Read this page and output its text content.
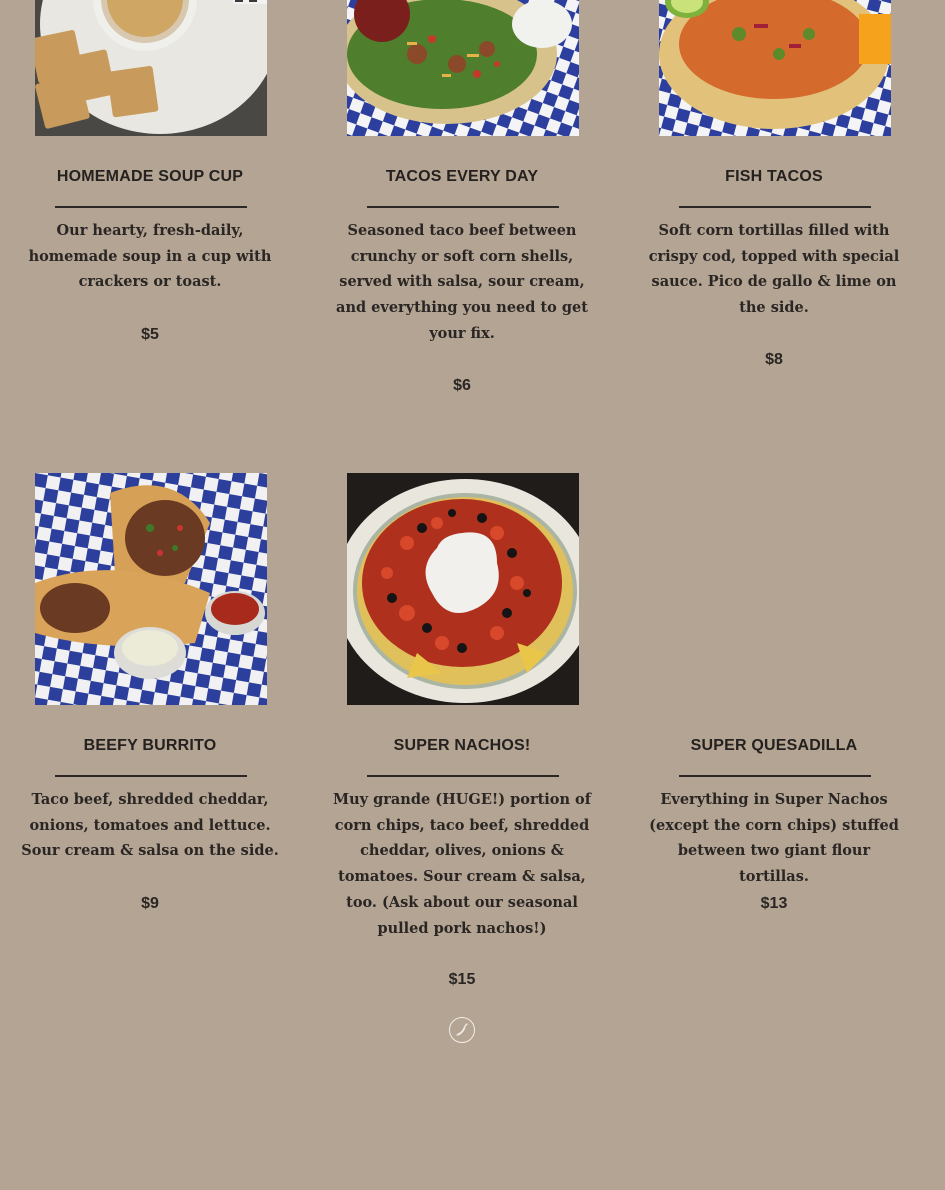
HOMEMADE SOUP CUP
Our hearty, fresh-daily, homemade soup in a cup with crackers or toast.
$5
TACOS EVERY DAY
Seasoned taco beef between crunchy or soft corn shells, served with salsa, sour cream, and everything you need to get your fix.
$6
FISH TACOS
Soft corn tortillas filled with crispy cod, topped with special sauce. Pico de gallo & lime on the side.
$8
BEEFY BURRITO
Taco beef, shredded cheddar, onions, tomatoes and lettuce. Sour cream & salsa on the side.
$9
SUPER NACHOS!
Muy grande (HUGE!) portion of corn chips, taco beef, shredded cheddar, olives, onions & tomatoes. Sour cream & salsa, too. (Ask about our seasonal pulled pork nachos!)
$15
SUPER QUESADILLA
Everything in Super Nachos (except the corn chips) stuffed between two giant flour tortillas.
$13
